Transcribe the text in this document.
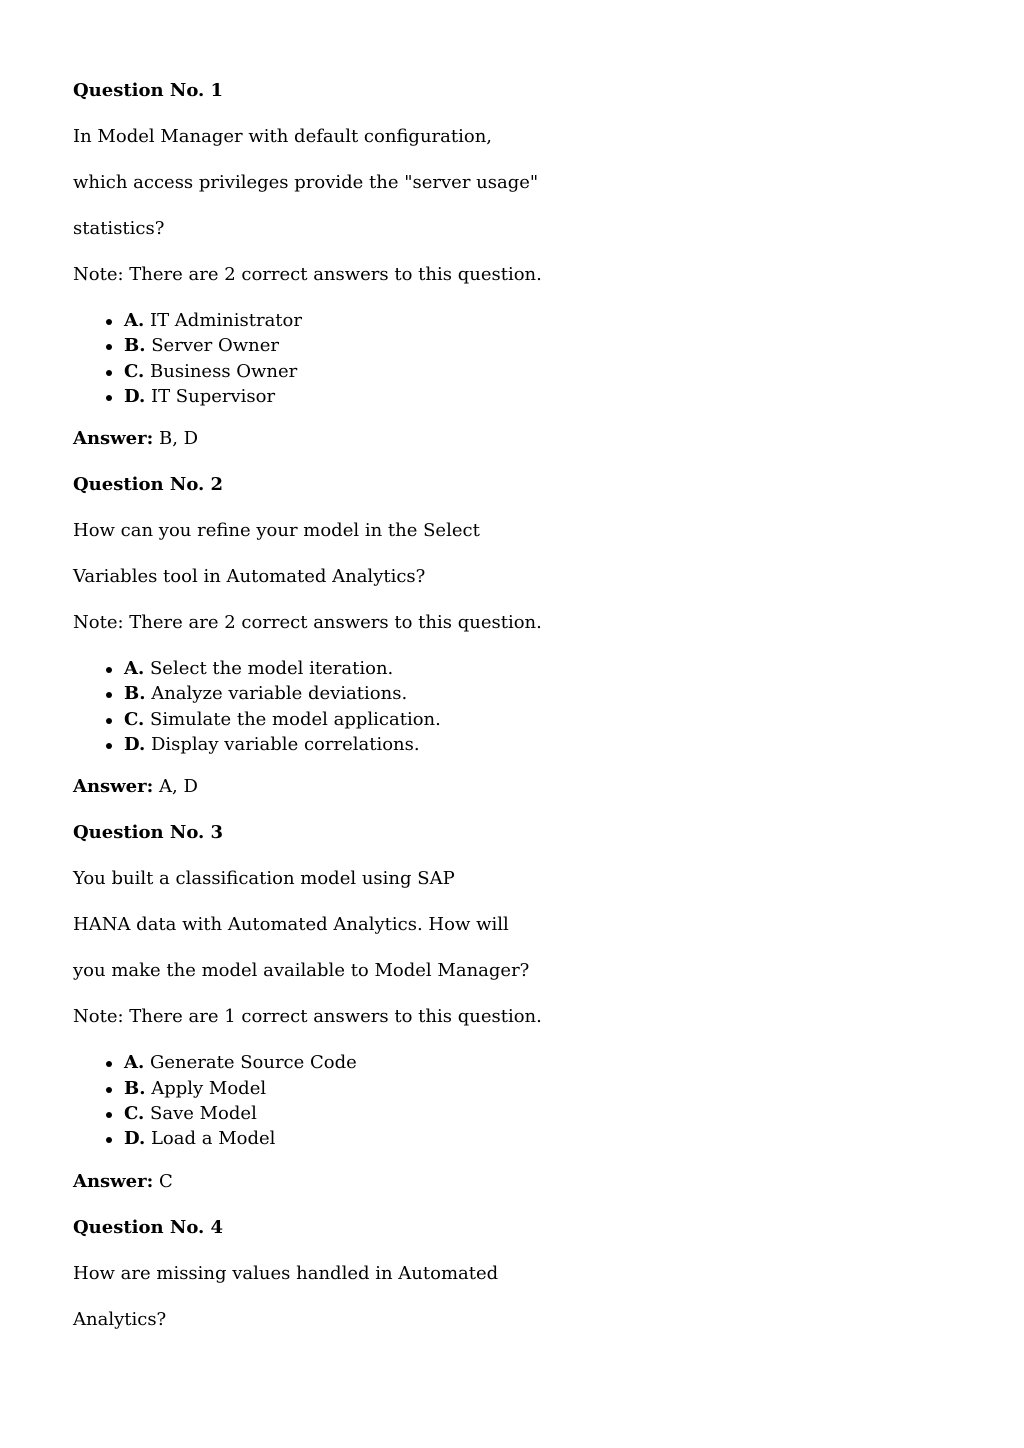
Question No. 1
In Model Manager with default configuration,
which access privileges provide the "server usage"
statistics?
Note: There are 2 correct answers to this question.
A. IT Administrator
B. Server Owner
C. Business Owner
D. IT Supervisor
Answer: B, D
Question No. 2
How can you refine your model in the Select
Variables tool in Automated Analytics?
Note: There are 2 correct answers to this question.
A. Select the model iteration.
B. Analyze variable deviations.
C. Simulate the model application.
D. Display variable correlations.
Answer: A, D
Question No. 3
You built a classification model using SAP
HANA data with Automated Analytics. How will
you make the model available to Model Manager?
Note: There are 1 correct answers to this question.
A. Generate Source Code
B. Apply Model
C. Save Model
D. Load a Model
Answer: C
Question No. 4
How are missing values handled in Automated
Analytics?
